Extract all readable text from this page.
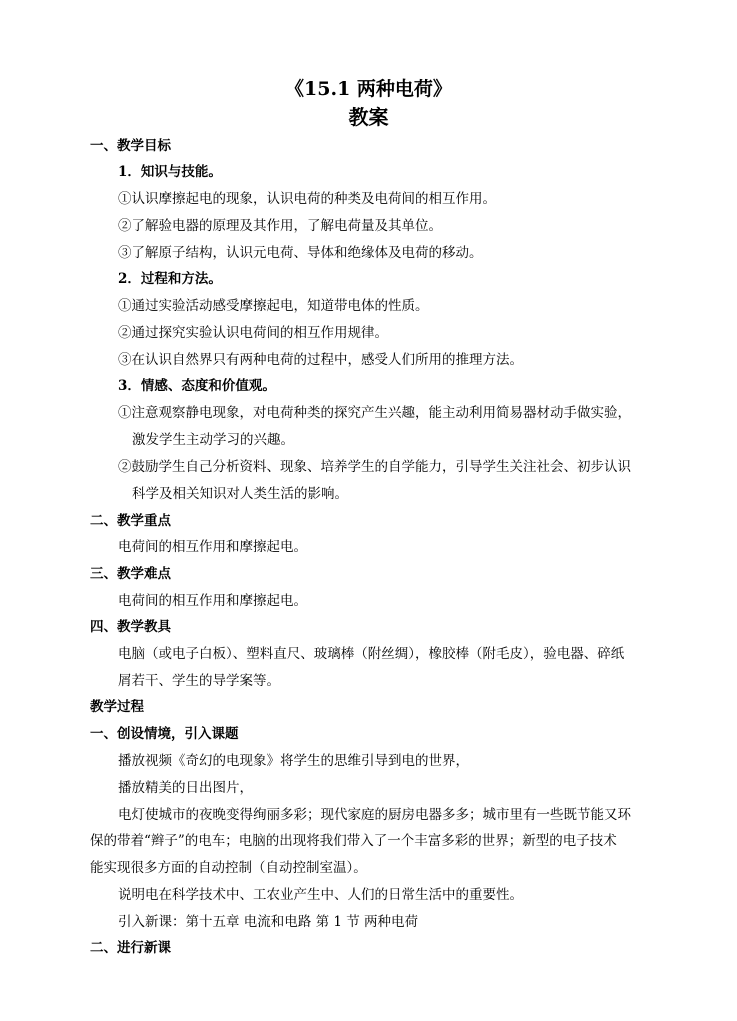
《15.1 两种电荷》
教案
一、教学目标
1．知识与技能。
①认识摩擦起电的现象，认识电荷的种类及电荷间的相互作用。
②了解验电器的原理及其作用，了解电荷量及其单位。
③了解原子结构，认识元电荷、导体和绝缘体及电荷的移动。
2．过程和方法。
①通过实验活动感受摩擦起电，知道带电体的性质。
②通过探究实验认识电荷间的相互作用规律。
③在认识自然界只有两种电荷的过程中，感受人们所用的推理方法。
3．情感、态度和价值观。
①注意观察静电现象，对电荷种类的探究产生兴趣，能主动利用简易器材动手做实验，
激发学生主动学习的兴趣。
②鼓励学生自己分析资料、现象、培养学生的自学能力，引导学生关注社会、初步认识
科学及相关知识对人类生活的影响。
二、教学重点
电荷间的相互作用和摩擦起电。
三、教学难点
电荷间的相互作用和摩擦起电。
四、教学教具
电脑（或电子白板）、塑料直尺、玻璃棒（附丝绸），橡胶棒（附毛皮），验电器、碎纸
屑若干、学生的导学案等。
教学过程
一、创设情境，引入课题
播放视频《奇幻的电现象》将学生的思维引导到电的世界，
播放精美的日出图片，
电灯使城市的夜晚变得绚丽多彩；现代家庭的厨房电器多多；城市里有一些既节能又环
保的带着“辫子”的电车；电脑的出现将我们带入了一个丰富多彩的世界；新型的电子技术
能实现很多方面的自动控制（自动控制室温）。
说明电在科学技术中、工农业产生中、人们的日常生活中的重要性。
引入新课：第十五章 电流和电路 第 1 节 两种电荷
二、进行新课
